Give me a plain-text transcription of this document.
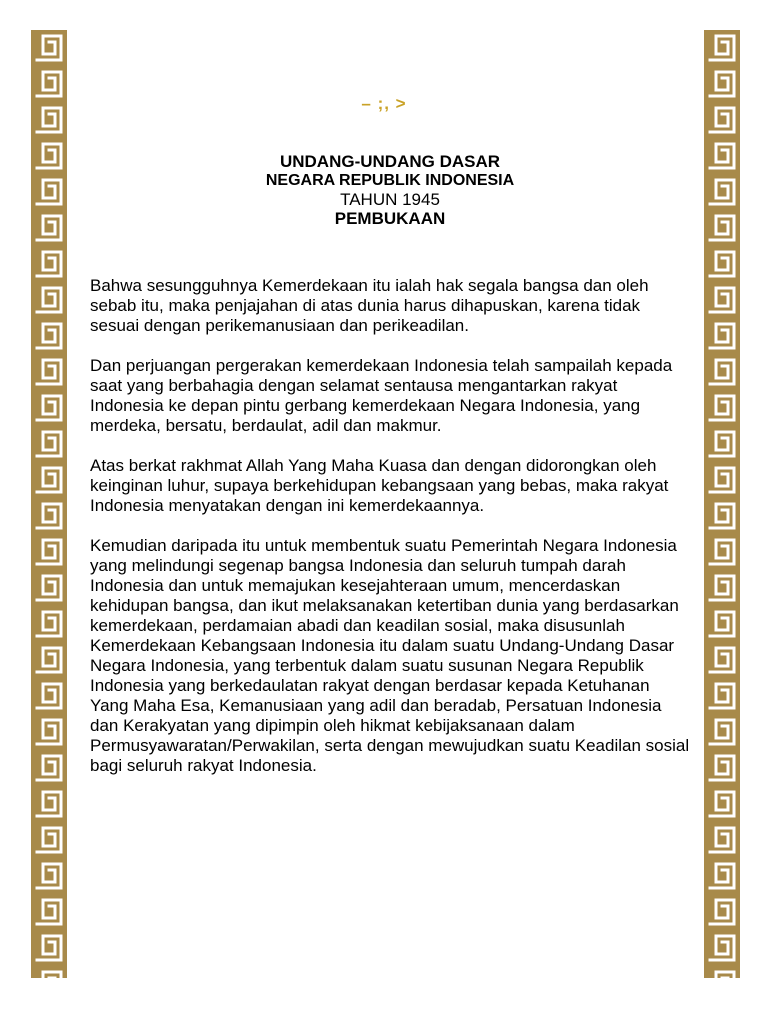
– ;, >
UNDANG-UNDANG DASAR
NEGARA REPUBLIK INDONESIA
TAHUN 1945
PEMBUKAAN

Bahwa sesungguhnya Kemerdekaan itu ialah hak segala bangsa dan oleh sebab itu, maka penjajahan di atas dunia harus dihapuskan, karena tidak sesuai dengan perikemanusiaan dan perikeadilan.

Dan perjuangan pergerakan kemerdekaan Indonesia telah sampailah kepada saat yang berbahagia dengan selamat sentausa mengantarkan rakyat Indonesia ke depan pintu gerbang kemerdekaan Negara Indonesia, yang merdeka, bersatu, berdaulat, adil dan makmur.

Atas berkat rakhmat Allah Yang Maha Kuasa dan dengan didorongkan oleh keinginan luhur, supaya berkehidupan kebangsaan yang bebas, maka rakyat Indonesia menyatakan dengan ini kemerdekaannya.

Kemudian daripada itu untuk membentuk suatu Pemerintah Negara Indonesia yang melindungi segenap bangsa Indonesia dan seluruh tumpah darah Indonesia dan untuk memajukan kesejahteraan umum, mencerdaskan kehidupan bangsa, dan ikut melaksanakan ketertiban dunia yang berdasarkan kemerdekaan, perdamaian abadi dan keadilan sosial, maka disusunlah Kemerdekaan Kebangsaan Indonesia itu dalam suatu Undang-Undang Dasar Negara Indonesia, yang terbentuk dalam suatu susunan Negara Republik Indonesia yang berkedaulatan rakyat dengan berdasar kepada Ketuhanan Yang Maha Esa, Kemanusiaan yang adil dan beradab, Persatuan Indonesia dan Kerakyatan yang dipimpin oleh hikmat kebijaksanaan dalam Permusyawaratan/Perwakilan, serta dengan mewujudkan suatu Keadilan sosial bagi seluruh rakyat Indonesia.
